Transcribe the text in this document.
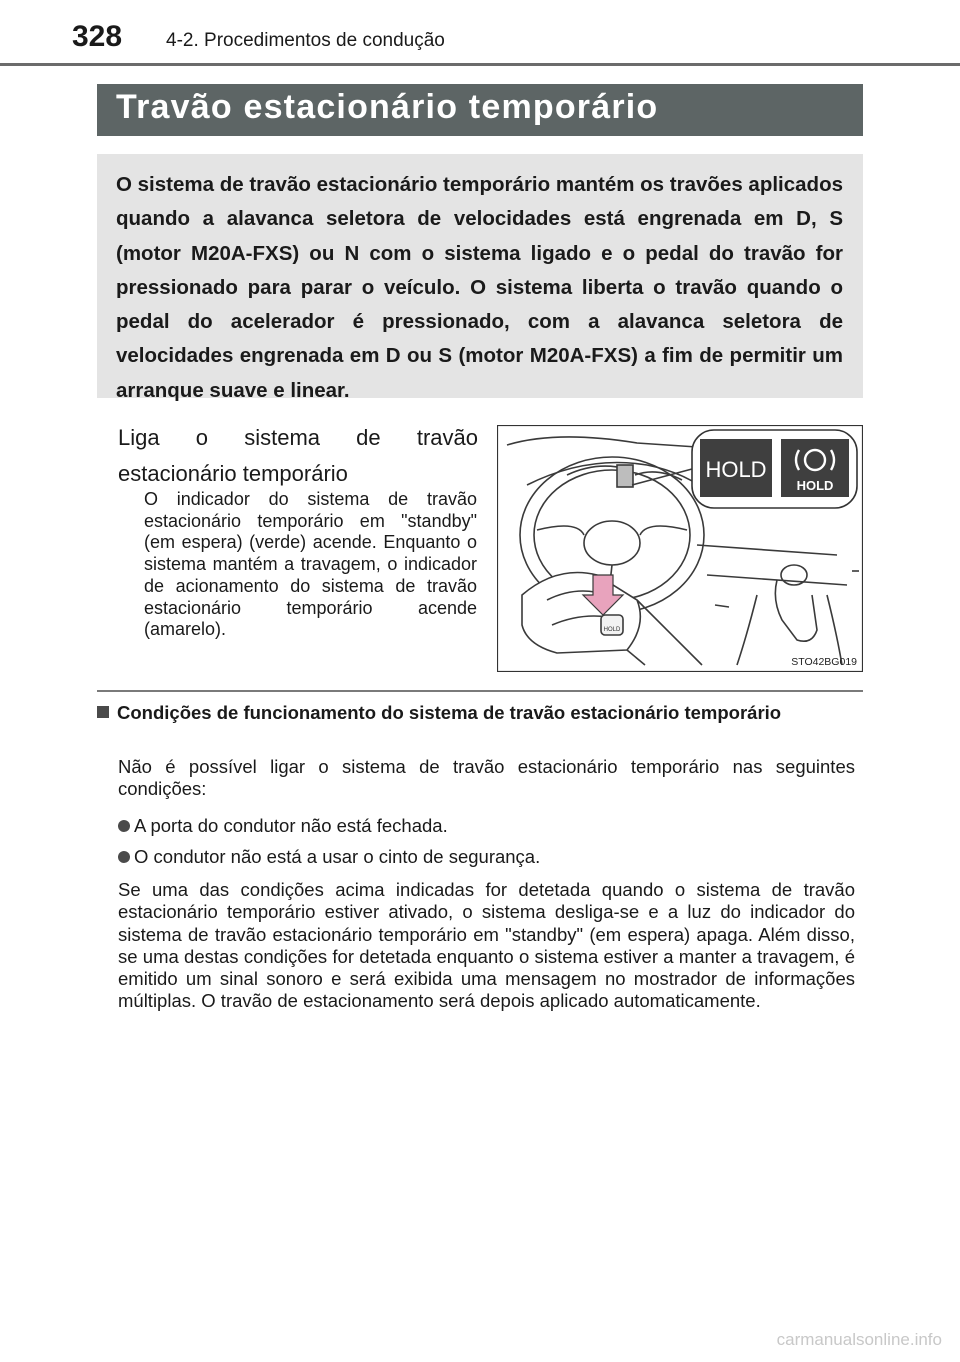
328 4-2. Procedimentos de condução
Travão estacionário temporário
O sistema de travão estacionário temporário mantém os travões aplicados quando a alavanca seletora de velocidades está engrenada em D, S (motor M20A-FXS) ou N com o sistema ligado e o pedal do travão for pressionado para parar o veículo. O sistema liberta o travão quando o pedal do acelerador é pressionado, com a alavanca seletora de velocidades engrenada em D ou S (motor M20A-FXS) a fim de permitir um arranque suave e linear.
Liga o sistema de travão estacionário temporário
O indicador do sistema de travão estacionário temporário em "standby" (em espera) (verde) acende. Enquanto o sistema mantém a travagem, o indicador de acionamento do sistema de travão estacionário temporário acende (amarelo).
HOLD
HOLD
HOLD
STO42BG019
Condições de funcionamento do sistema de travão estacionário temporário
Não é possível ligar o sistema de travão estacionário temporário nas seguintes condições:
A porta do condutor não está fechada.
O condutor não está a usar o cinto de segurança.
Se uma das condições acima indicadas for detetada quando o sistema de travão estacionário temporário estiver ativado, o sistema desliga-se e a luz do indicador do sistema de travão estacionário temporário em "standby" (em espera) apaga. Além disso, se uma destas condições for detetada enquanto o sistema estiver a manter a travagem, é emitido um sinal sonoro e será exibida uma mensagem no mostrador de informações múltiplas. O travão de estacionamento será depois aplicado automaticamente.
carmanualsonline.info
